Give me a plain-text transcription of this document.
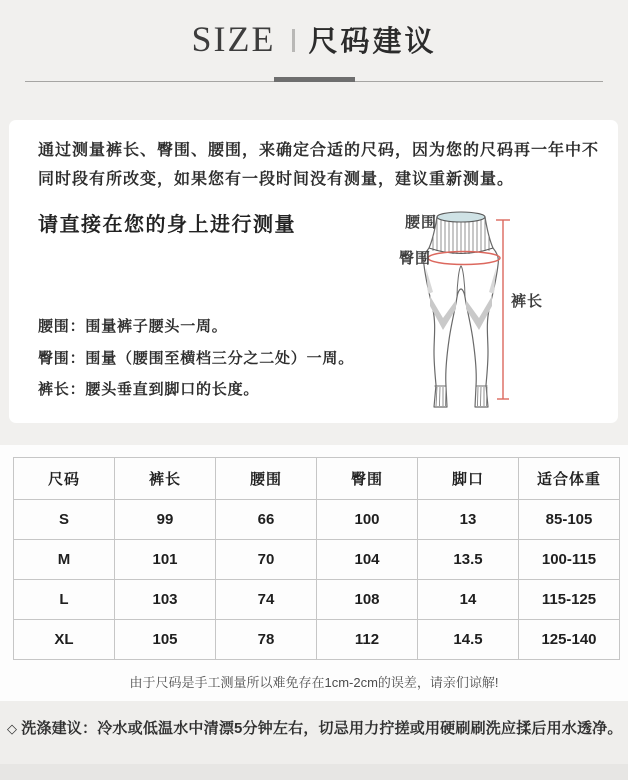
SIZE 尺码建议

通过测量裤长、臀围、腰围，来确定合适的尺码，因为您的尺码再一年中不同时段有所改变，如果您有一段时间没有测量，建议重新测量。

请直接在您的身上进行测量
腰围：围量裤子腰头一周。
臀围：围量（腰围至横档三分之二处）一周。
裤长：腰头垂直到脚口的长度。
腰围
臀围
裤长
尺码	裤长	腰围	臀围	脚口	适合体重
S	99	66	100	13	85-105
M	101	70	104	13.5	100-115
L	103	74	108	14	115-125
XL	105	78	112	14.5	125-140

由于尺码是手工测量所以难免存在1cm-2cm的误差，请亲们谅解!

◇ 洗涤建议：冷水或低温水中清漂5分钟左右，切忌用力拧搓或用硬刷刷洗应揉后用水透净。
